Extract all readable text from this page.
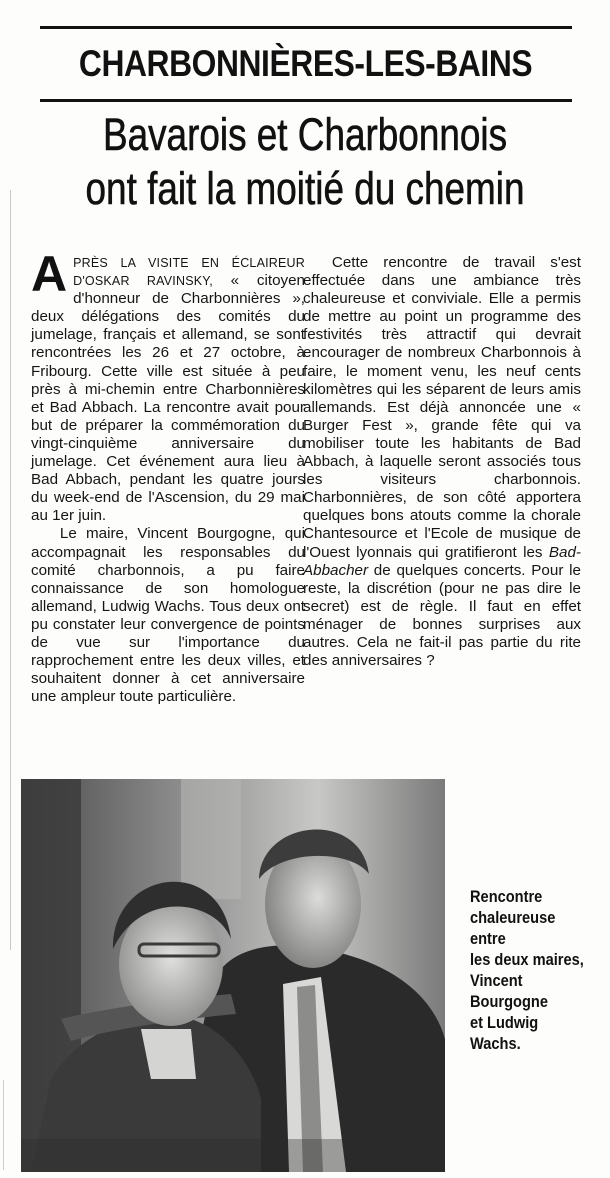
CHARBONNIÈRES-LES-BAINS
Bavarois et Charbonnois
ont fait la moitié du chemin

APRÈS LA VISITE EN ÉCLAIREUR D'OSKAR RAVINSKY, « citoyen d'honneur de Charbonnières », deux délégations des comités du jumelage, français et allemand, se sont rencontrées les 26 et 27 octobre, à Fribourg. Cette ville est située à peu près à mi-chemin entre Charbonnières et Bad Abbach. La rencontre avait pour but de préparer la commémoration du vingt-cinquième anniversaire du jumelage. Cet événement aura lieu à Bad Abbach, pendant les quatre jours du week-end de l'Ascension, du 29 mai au 1er juin.

Le maire, Vincent Bourgogne, qui accompagnait les responsables du comité charbonnois, a pu faire connaissance de son homologue allemand, Ludwig Wachs. Tous deux ont pu constater leur convergence de points de vue sur l'importance du rapprochement entre les deux villes, et souhaitent donner à cet anniversaire une ampleur toute particulière.

Cette rencontre de travail s'est effectuée dans une ambiance très chaleureuse et conviviale. Elle a permis de mettre au point un programme des festivités très attractif qui devrait encourager de nombreux Charbonnois à faire, le moment venu, les neuf cents kilomètres qui les séparent de leurs amis allemands. Est déjà annoncée une « Burger Fest », grande fête qui va mobiliser toute les habitants de Bad Abbach, à laquelle seront associés tous les visiteurs charbonnois. Charbonnières, de son côté apportera quelques bons atouts comme la chorale Chantesource et l'Ecole de musique de l'Ouest lyonnais qui gratifieront les Bad-Abbacher de quelques concerts. Pour le reste, la discrétion (pour ne pas dire le secret) est de règle. Il faut en effet ménager de bonnes surprises aux autres. Cela ne fait-il pas partie du rite des anniversaires ?

Rencontre
chaleureuse
entre
les deux maires,
Vincent
Bourgogne
et Ludwig
Wachs.
